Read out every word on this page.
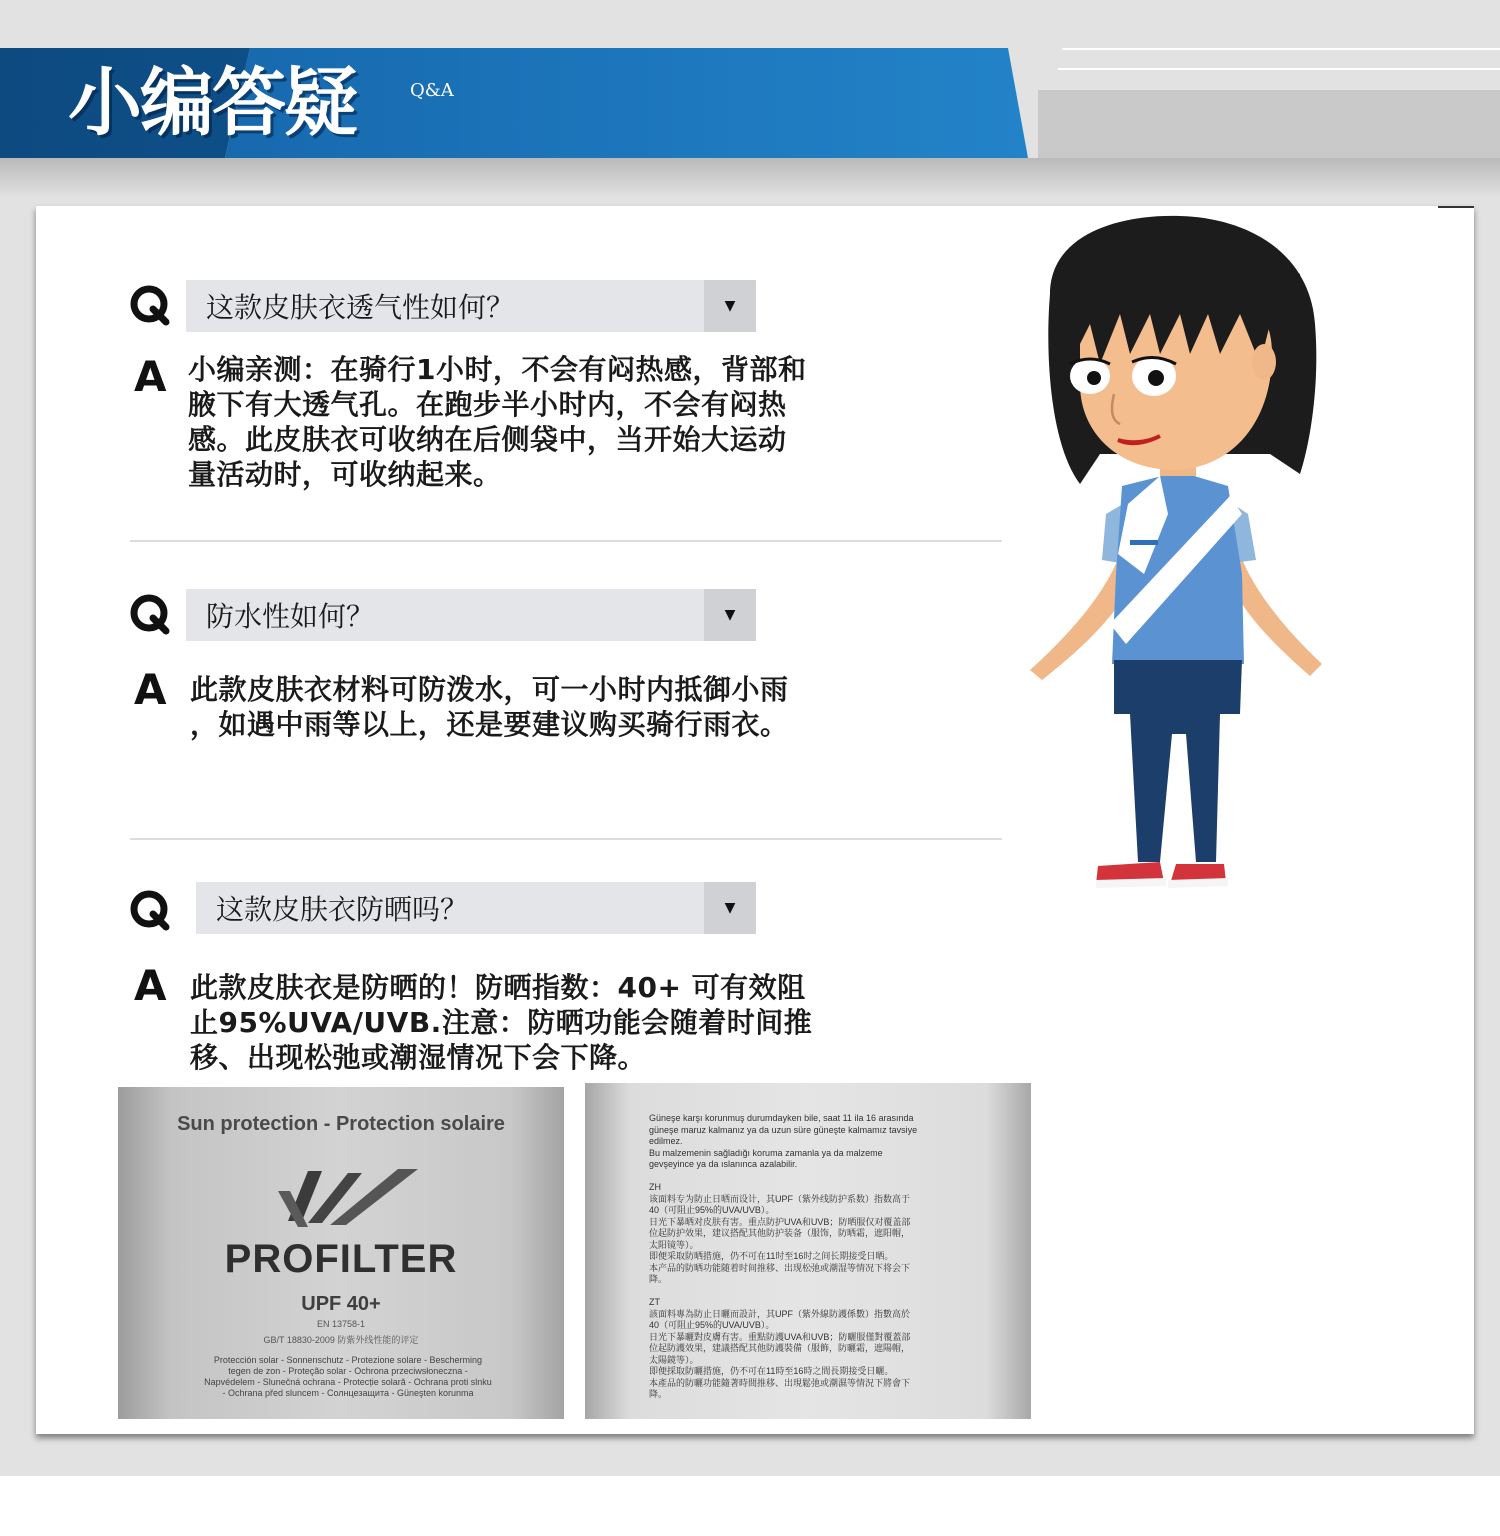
小编答疑	Q&A
这款皮肤衣透气性如何？	▼
A 小编亲测：在骑行1小时，不会有闷热感，背部和
腋下有大透气孔。在跑步半小时内，不会有闷热
感。此皮肤衣可收纳在后侧袋中，当开始大运动
量活动时，可收纳起来。
防水性如何？	▼
A 此款皮肤衣材料可防泼水，可一小时内抵御小雨
，如遇中雨等以上，还是要建议购买骑行雨衣。
这款皮肤衣防晒吗？	▼
A 此款皮肤衣是防晒的！防晒指数：40+ 可有效阻
止95%UVA/UVB.注意：防晒功能会随着时间推
移、出现松弛或潮湿情况下会下降。
Sun protection - Protection solaire
PROFILTER
UPF 40+
EN 13758-1
GB/T 18830-2009 防紫外线性能的评定
Protección solar - Sonnenschutz - Protezione solare - Bescherming
tegen de zon - Proteção solar - Ochrona przeciwsłoneczna -
Napvédelem - Slunečná ochrana - Protecție solară - Ochrana proti slnku
- Ochrana před sluncem - Солнцезащита - Güneşten korunma
Güneşe karşı korunmuş durumdayken bile, saat 11 ila 16 arasında
güneşe maruz kalmanız ya da uzun süre güneşte kalmamız tavsiye
edilmez.
Bu malzemenin sağladığı koruma zamanla ya da malzeme
gevşeyince ya da ıslanınca azalabilir.

ZH
该面料专为防止日晒而设计，其UPF（紫外线防护系数）指数高于
40（可阻止95%的UVA/UVB）。
日光下暴晒对皮肤有害。重点防护UVA和UVB；防晒服仅对覆盖部
位起防护效果，建议搭配其他防护装备（服饰，防晒霜，遮阳帽，
太阳镜等）。
即便采取防晒措施，仍不可在11时至16时之间长期接受日晒。
本产品的防晒功能随着时间推移、出现松弛或潮湿等情况下将会下
降。

ZT
該面料專為防止日曬而設計，其UPF（紫外線防護係數）指數高於
40（可阻止95%的UVA/UVB）。
日光下暴曬對皮膚有害。重點防護UVA和UVB；防曬服僅對覆蓋部
位起防護效果，建議搭配其他防護裝備（服飾，防曬霜，遮陽帽，
太陽鏡等）。
即便採取防曬措施，仍不可在11時至16時之間長期接受日曬。
本產品的防曬功能隨著時間推移、出現鬆弛或潮濕等情況下將會下
降。
